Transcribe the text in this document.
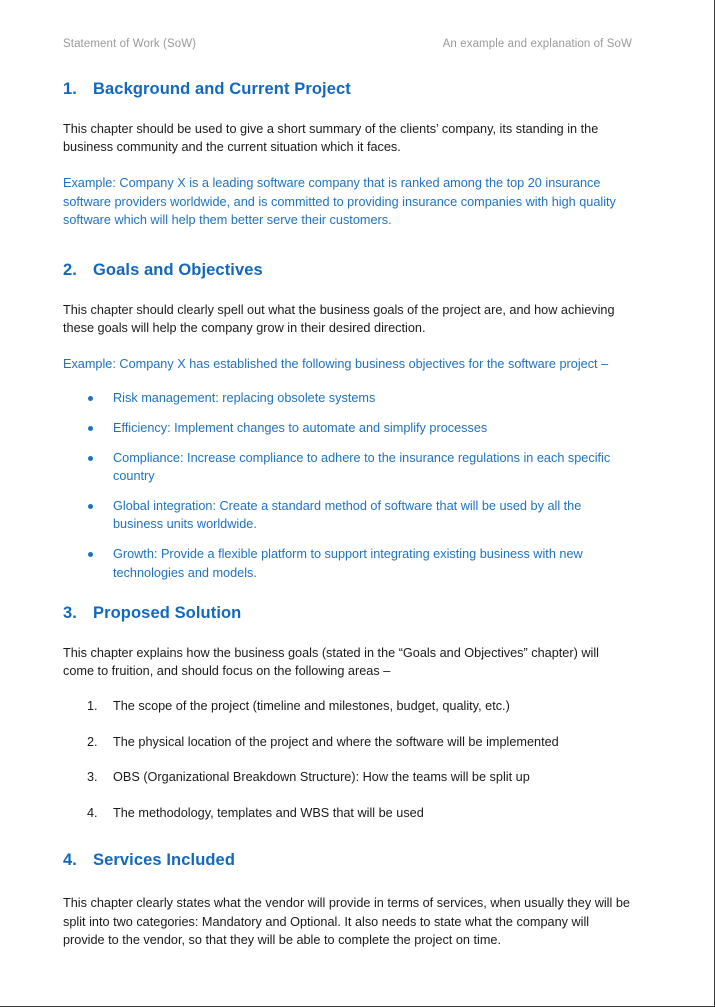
Statement of Work (SoW)	An example and explanation of SoW
1. Background and Current Project

This chapter should be used to give a short summary of the clients’ company, its standing in the business community and the current situation which it faces.

Example: Company X is a leading software company that is ranked among the top 20 insurance software providers worldwide, and is committed to providing insurance companies with high quality software which will help them better serve their customers.

2. Goals and Objectives

This chapter should clearly spell out what the business goals of the project are, and how achieving these goals will help the company grow in their desired direction.

Example: Company X has established the following business objectives for the software project –

Risk management: replacing obsolete systems
Efficiency: Implement changes to automate and simplify processes
Compliance: Increase compliance to adhere to the insurance regulations in each specific country
Global integration: Create a standard method of software that will be used by all the business units worldwide.
Growth: Provide a flexible platform to support integrating existing business with new technologies and models.
3. Proposed Solution

This chapter explains how the business goals (stated in the “Goals and Objectives” chapter) will come to fruition, and should focus on the following areas –

1. The scope of the project (timeline and milestones, budget, quality, etc.)
2. The physical location of the project and where the software will be implemented
3. OBS (Organizational Breakdown Structure): How the teams will be split up
4. The methodology, templates and WBS that will be used
4. Services Included

This chapter clearly states what the vendor will provide in terms of services, when usually they will be split into two categories: Mandatory and Optional. It also needs to state what the company will provide to the vendor, so that they will be able to complete the project on time.
